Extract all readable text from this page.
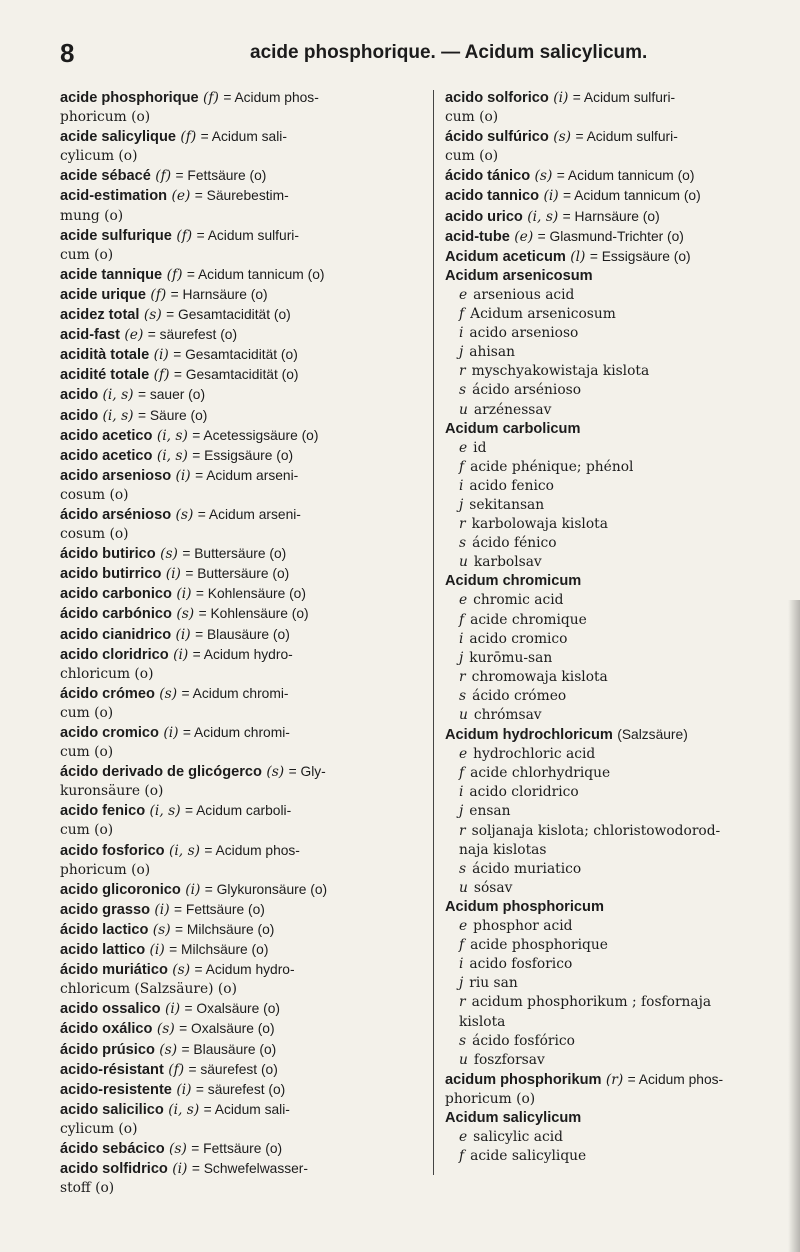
8	acide phosphorique. — Acidum salicylicum.

acide phosphorique (f) = Acidum phos-

phoricum (o)

acide salicylique (f) = Acidum sali-

cylicum (o)

acide sébacé (f) = Fettsäure (o)

acid-estimation (e) = Säurebestim-

mung (o)

acide sulfurique (f) = Acidum sulfuri-

cum (o)

acide tannique (f) = Acidum tannicum (o)

acide urique (f) = Harnsäure (o)

acidez total (s) = Gesamtacidität (o)

acid-fast (e) = säurefest (o)

acidità totale (i) = Gesamtacidität (o)

acidité totale (f) = Gesamtacidität (o)

acido (i, s) = sauer (o)

acido (i, s) = Säure (o)

acido acetico (i, s) = Acetessigsäure (o)

acido acetico (i, s) = Essigsäure (o)

acido arsenioso (i) = Acidum arseni-

cosum (o)

ácido arsénioso (s) = Acidum arseni-

cosum (o)

ácido butirico (s) = Buttersäure (o)

acido butirrico (i) = Buttersäure (o)

acido carbonico (i) = Kohlensäure (o)

ácido carbónico (s) = Kohlensäure (o)

acido cianidrico (i) = Blausäure (o)

acido cloridrico (i) = Acidum hydro-

chloricum (o)

ácido crómeo (s) = Acidum chromi-

cum (o)

acido cromico (i) = Acidum chromi-

cum (o)

ácido derivado de glicógerco (s) = Gly-

kuronsäure (o)

acido fenico (i, s) = Acidum carboli-

cum (o)

acido fosforico (i, s) = Acidum phos-

phoricum (o)

acido glicoronico (i) = Glykuronsäure (o)

acido grasso (i) = Fettsäure (o)

ácido lactico (s) = Milchsäure (o)

acido lattico (i) = Milchsäure (o)

ácido muriático (s) = Acidum hydro-

chloricum (Salzsäure) (o)

acido ossalico (i) = Oxalsäure (o)

ácido oxálico (s) = Oxalsäure (o)

ácido prúsico (s) = Blausäure (o)

acido-résistant (f) = säurefest (o)

acido-resistente (i) = säurefest (o)

acido salicilico (i, s) = Acidum sali-

cylicum (o)

ácido sebácico (s) = Fettsäure (o)

acido solfidrico (i) = Schwefelwasser-

stoff (o)

acido solforico (i) = Acidum sulfuri-

cum (o)

ácido sulfúrico (s) = Acidum sulfuri-

cum (o)

ácido tánico (s) = Acidum tannicum (o)

acido tannico (i) = Acidum tannicum (o)

acido urico (i, s) = Harnsäure (o)

acid-tube (e) = Glasmund-Trichter (o)

Acidum aceticum (l) = Essigsäure (o)

Acidum arsenicosum

e arsenious acid

f Acidum arsenicosum

i acido arsenioso

j ahisan

r myschyakowistaja kislota

s ácido arsénioso

u arzénessav

Acidum carbolicum

e id

f acide phénique; phénol

i acido fenico

j sekitansan

r karbolowaja kislota

s ácido fénico

u karbolsav

Acidum chromicum

e chromic acid

f acide chromique

i acido cromico

j kurōmu-san

r chromowaja kislota

s ácido crómeo

u chrómsav

Acidum hydrochloricum (Salzsäure)

e hydrochloric acid

f acide chlorhydrique

i acido cloridrico

j ensan

r soljanaja kislota; chloristowodorod-

naja kislotas

s ácido muriatico

u sósav

Acidum phosphoricum

e phosphor acid

f acide phosphorique

i acido fosforico

j riu san

r acidum phosphorikum ; fosfornaja

kislota

s ácido fosfórico

u foszforsav

acidum phosphorikum (r) = Acidum phos-

phoricum (o)

Acidum salicylicum

e salicylic acid

f acide salicylique
